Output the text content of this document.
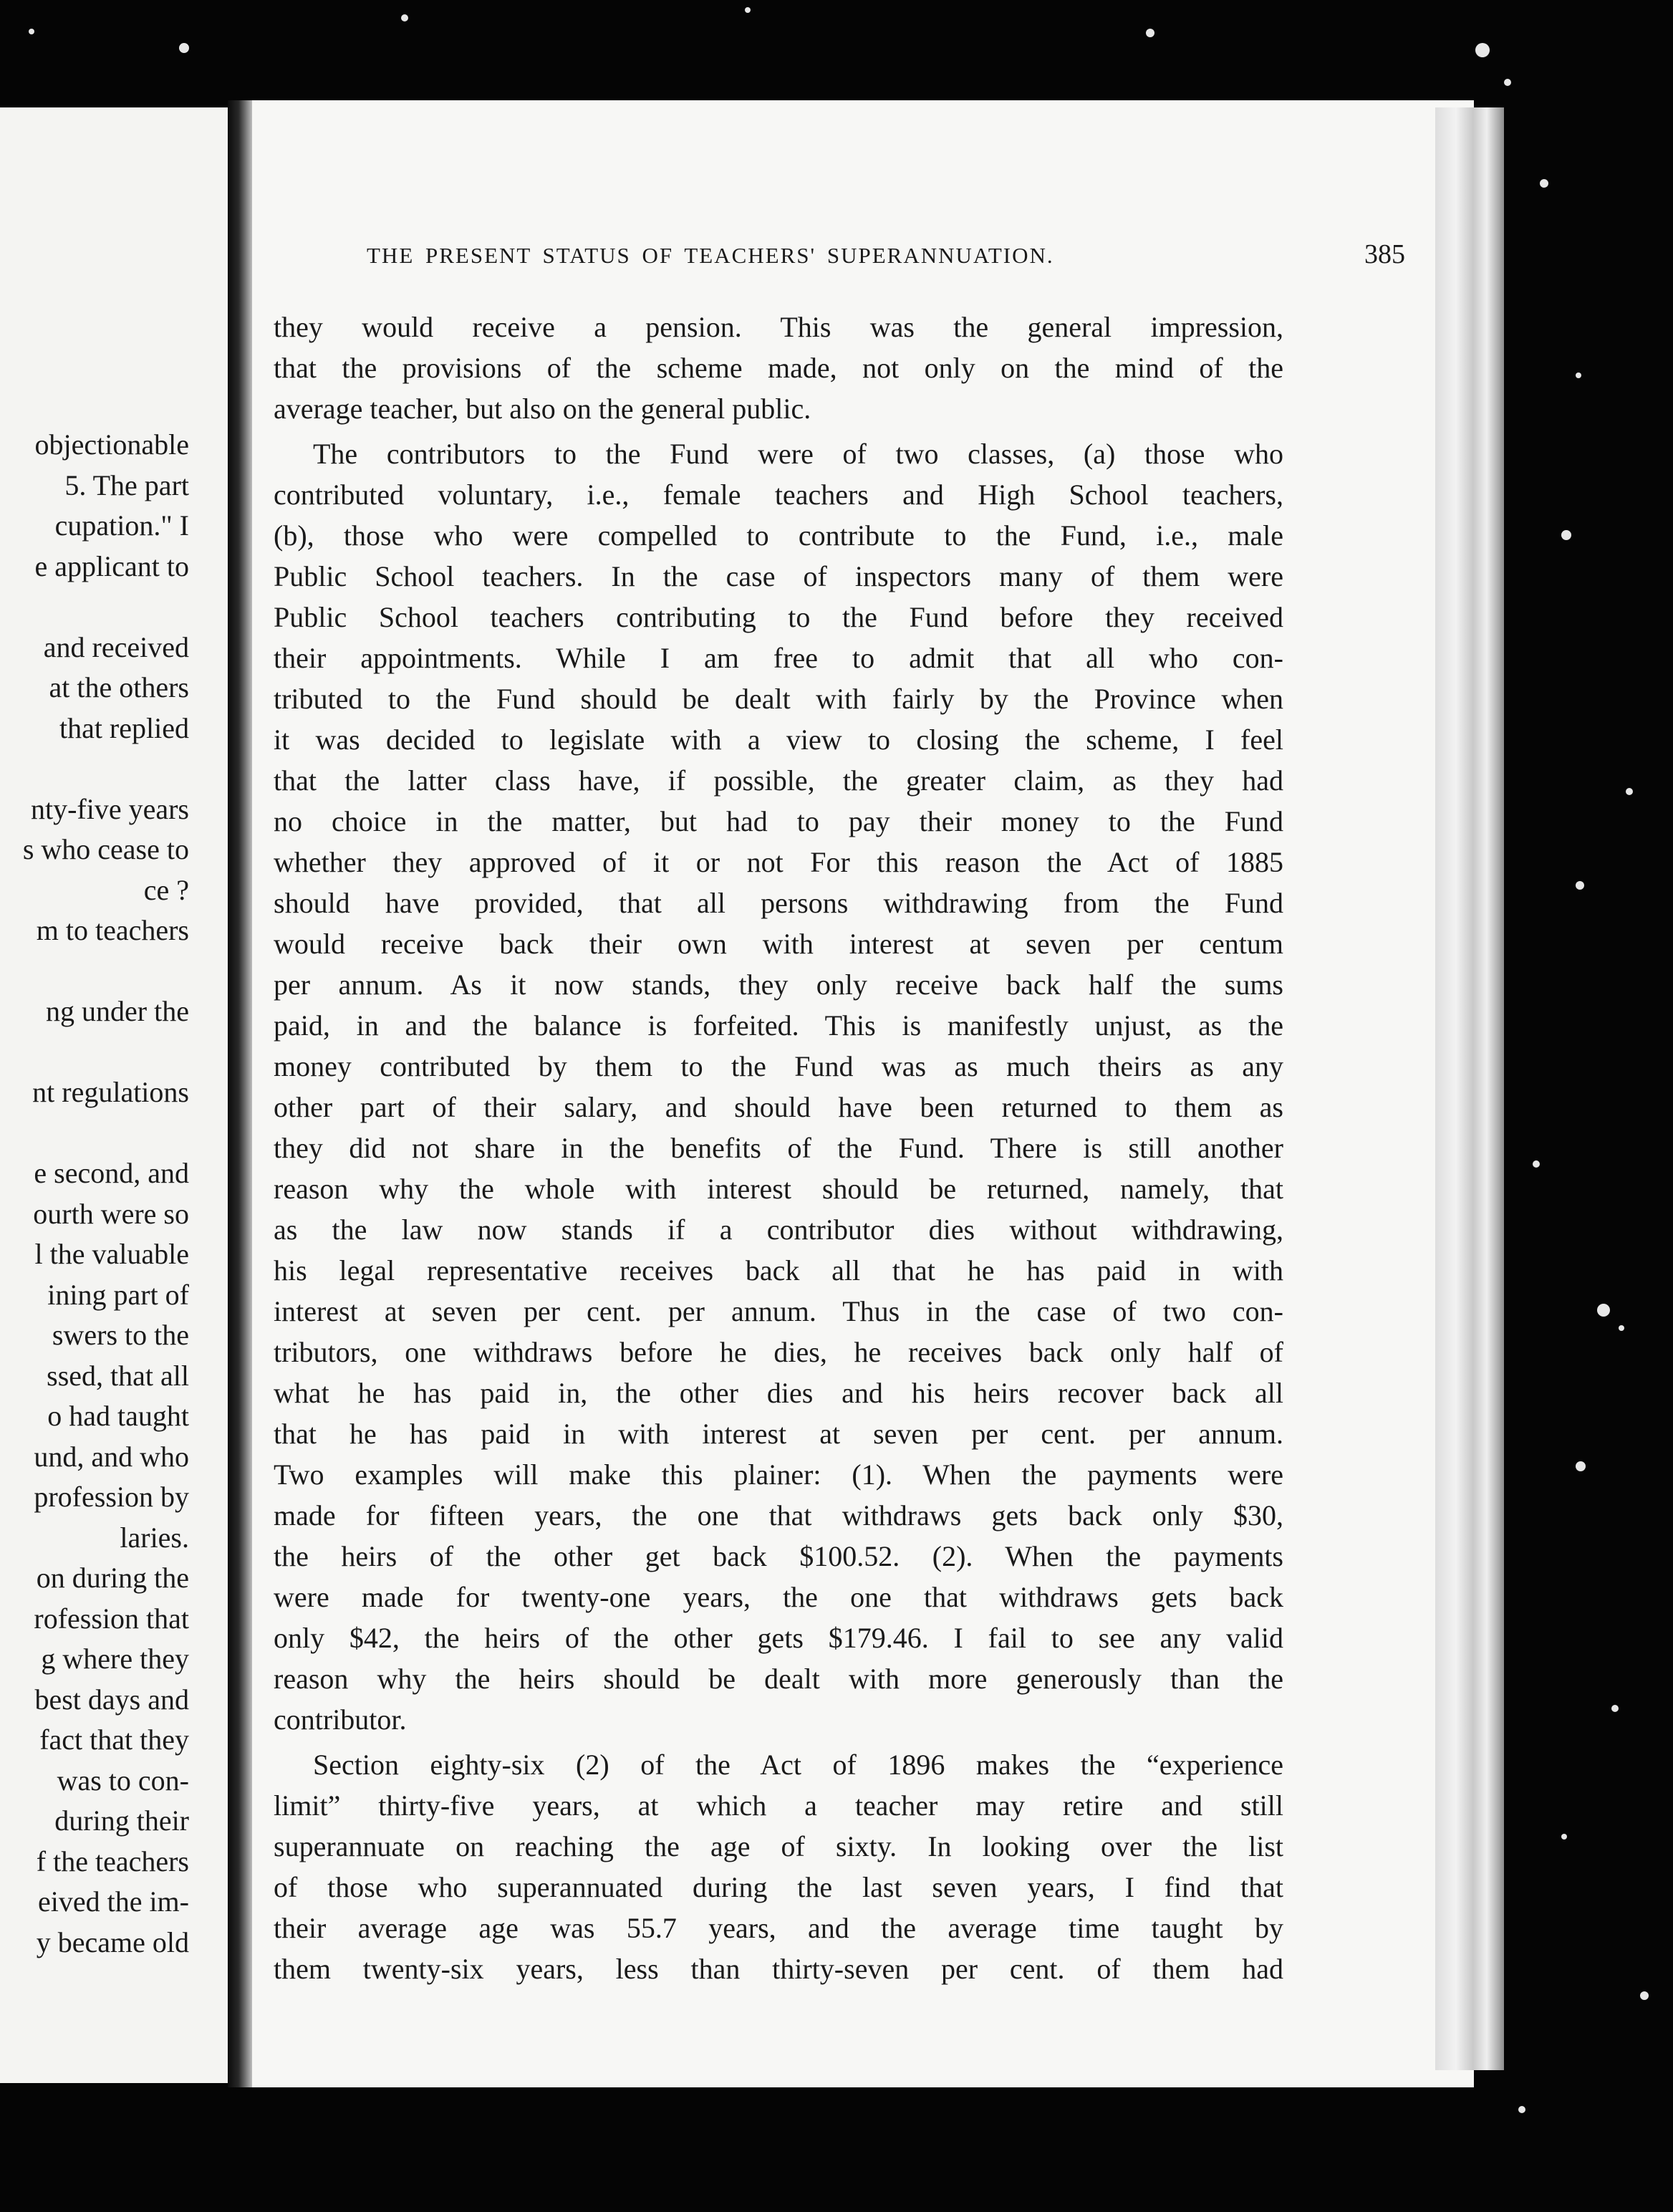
objectionable
5. The part
cupation." I
e applicant to
and received
at the others
that replied
nty-five years
s who cease to
ce ?
m to teachers
ng under the
nt regulations
e second, and
ourth were so
l the valuable
ining part of
swers to the
ssed, that all
o had taught
und, and who
profession by
laries.
on during the
rofession that
g where they
best days and
fact that they
was to con-
during their
f the teachers
eived the im-
y became old
THE PRESENT STATUS OF TEACHERS' SUPERANNUATION.	385
they would receive a pension. This was the general impression,
that the provisions of the scheme made, not only on the mind of the
average teacher, but also on the general public.
The contributors to the Fund were of two classes, (a) those who
contributed voluntary, i.e., female teachers and High School teachers,
(b), those who were compelled to contribute to the Fund, i.e., male
Public School teachers. In the case of inspectors many of them were
Public School teachers contributing to the Fund before they received
their appointments. While I am free to admit that all who con-
tributed to the Fund should be dealt with fairly by the Province when
it was decided to legislate with a view to closing the scheme, I feel
that the latter class have, if possible, the greater claim, as they had
no choice in the matter, but had to pay their money to the Fund
whether they approved of it or not For this reason the Act of 1885
should have provided, that all persons withdrawing from the Fund
would receive back their own with interest at seven per centum
per annum. As it now stands, they only receive back half the sums
paid, in and the balance is forfeited. This is manifestly unjust, as the
money contributed by them to the Fund was as much theirs as any
other part of their salary, and should have been returned to them as
they did not share in the benefits of the Fund. There is still another
reason why the whole with interest should be returned, namely, that
as the law now stands if a contributor dies without withdrawing,
his legal representative receives back all that he has paid in with
interest at seven per cent. per annum. Thus in the case of two con-
tributors, one withdraws before he dies, he receives back only half of
what he has paid in, the other dies and his heirs recover back all
that he has paid in with interest at seven per cent. per annum.
Two examples will make this plainer: (1). When the payments were
made for fifteen years, the one that withdraws gets back only $30,
the heirs of the other get back $100.52. (2). When the payments
were made for twenty-one years, the one that withdraws gets back
only $42, the heirs of the other gets $179.46. I fail to see any valid
reason why the heirs should be dealt with more generously than the
contributor.
Section eighty-six (2) of the Act of 1896 makes the “experience
limit” thirty-five years, at which a teacher may retire and still
superannuate on reaching the age of sixty. In looking over the list
of those who superannuated during the last seven years, I find that
their average age was 55.7 years, and the average time taught by
them twenty-six years, less than thirty-seven per cent. of them had
